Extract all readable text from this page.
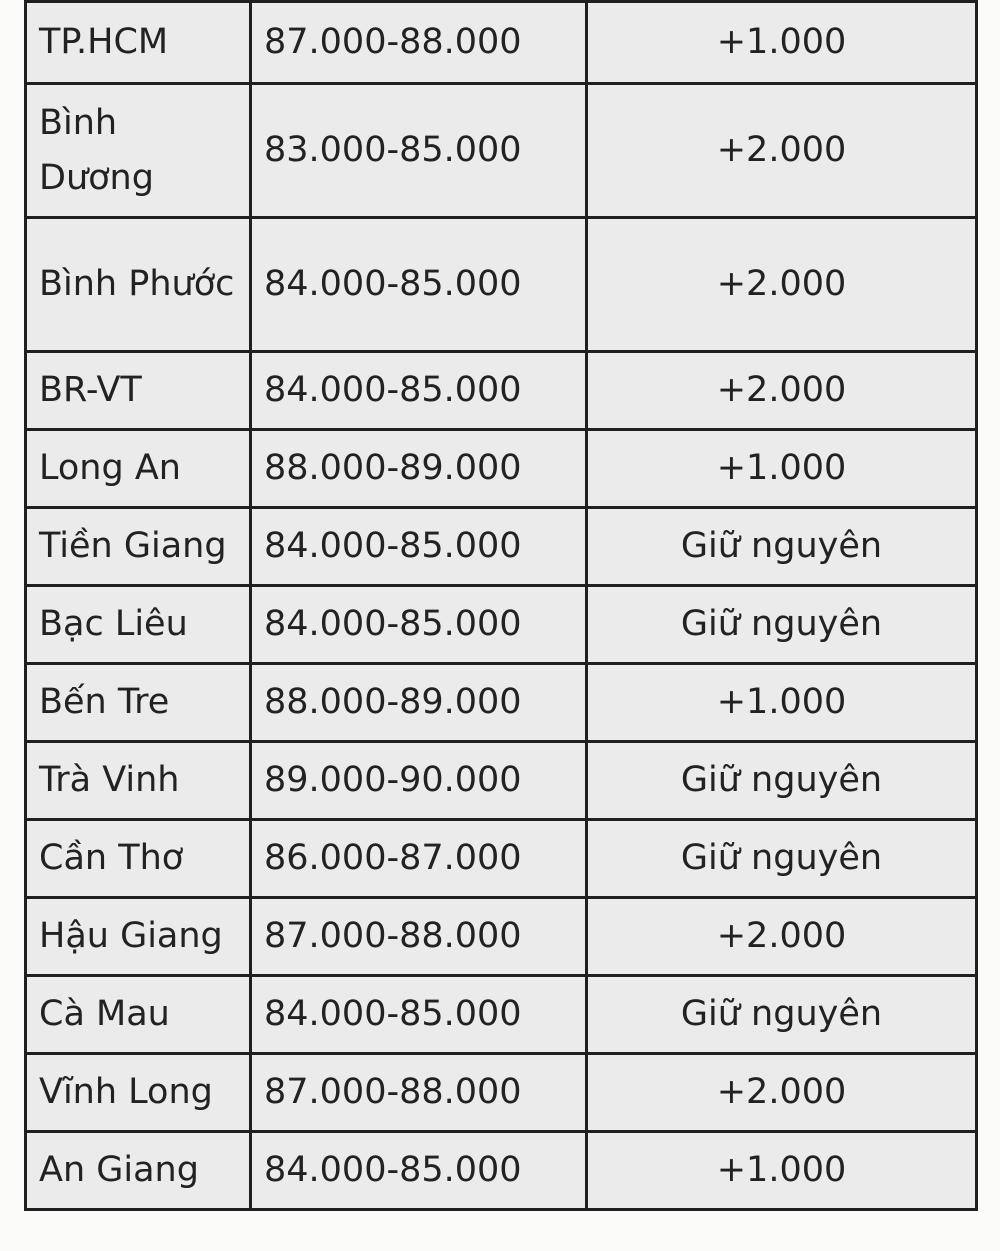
TP.HCM	87.000-88.000	+1.000
Bình Dương	83.000-85.000	+2.000
Bình Phước	84.000-85.000	+2.000
BR-VT	84.000-85.000	+2.000
Long An	88.000-89.000	+1.000
Tiền Giang	84.000-85.000	Giữ nguyên
Bạc Liêu	84.000-85.000	Giữ nguyên
Bến Tre	88.000-89.000	+1.000
Trà Vinh	89.000-90.000	Giữ nguyên
Cần Thơ	86.000-87.000	Giữ nguyên
Hậu Giang	87.000-88.000	+2.000
Cà Mau	84.000-85.000	Giữ nguyên
Vĩnh Long	87.000-88.000	+2.000
An Giang	84.000-85.000	+1.000
